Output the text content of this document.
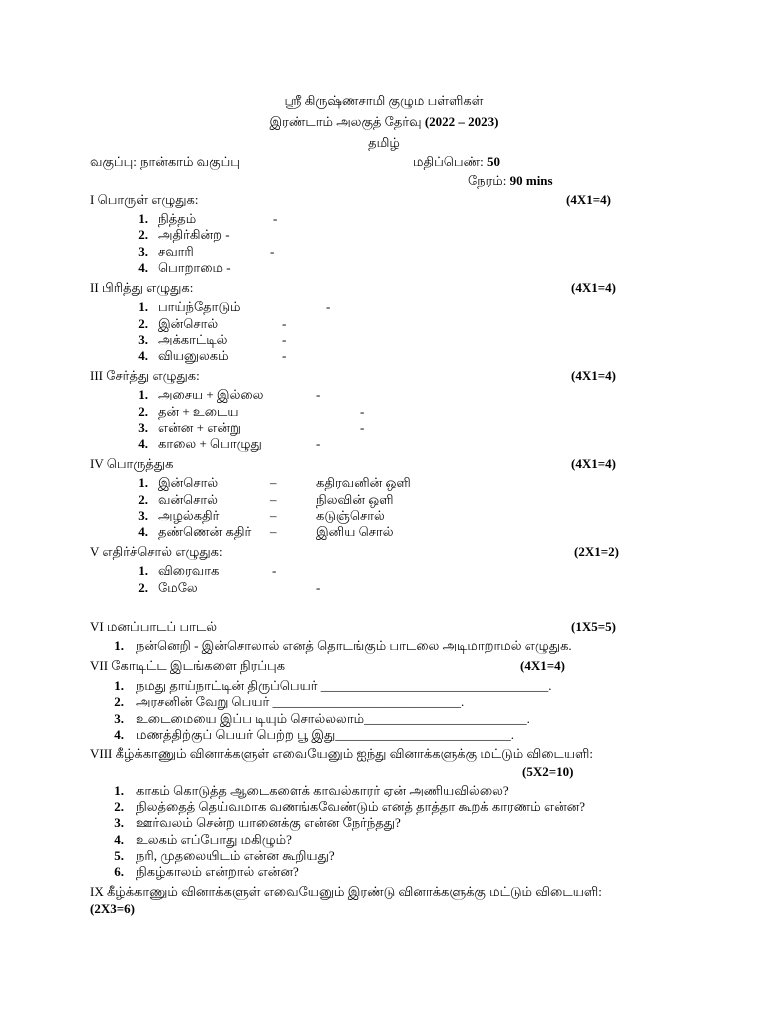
ஸ்ரீ கிருஷ்ணசாமி குழும பள்ளிகள்
இரண்டாம் அலகுத் தேர்வு (2022 – 2023)
தமிழ்
வகுப்பு: நான்காம் வகுப்பு	மதிப்பெண்: 50
நேரம்: 90 mins
I பொருள் எழுதுக:	(4X1=4)
1. நித்தம்	-
2. அதிர்கின்ற -
3. சவாரி	-
4. பொறாமை -
II பிரித்து எழுதுக:	(4X1=4)
1. பாய்ந்தோடும்	-
2. இன்சொல்	-
3. அக்காட்டில்	-
4. வியனுலகம்	-
III சேர்த்து எழுதுக:	(4X1=4)
1. அசைய + இல்லை	-
2. தன் + உடைய	-
3. என்ன + என்று	-
4. காலை + பொழுது	-
IV பொருத்துக	(4X1=4)
1. இன்சொல்	–	கதிரவனின் ஒளி
2. வன்சொல்	–	நிலவின் ஒளி
3. அழல்கதிர்	–	கடுஞ்சொல்
4. தண்ணென் கதிர் –	இனிய சொல்
V எதிர்ச்சொல் எழுதுக:	(2X1=2)
1. விரைவாக	-
2. மேலே	-
VI மனப்பாடப் பாடல்	(1X5=5)
1. நன்னெறி - இன்சொலால் எனத் தொடங்கும் பாடலை அடிமாறாமல் எழுதுக.
VII கோடிட்ட இடங்களை நிரப்புக	(4X1=4)
1. நமது தாய்நாட்டின் திருப்பெயர் ___________________________________.
2. அரசனின் வேறு பெயர் _____________________________.
3. உடைமையை இப்ப டியும் சொல்லலாம்_________________________.
4. மணத்திற்குப் பெயர் பெற்ற பூ இது___________________________.
VIII கீழ்க்காணும் வினாக்களுள் எவையேனும் ஐந்து வினாக்களுக்கு மட்டும் விடையளி:
(5X2=10)
1. காகம் கொடுத்த ஆடைகளைக் காவல்காரர் ஏன் அணியவில்லை?
2. நிலத்தைத் தெய்வமாக வணங்கவேண்டும் எனத் தாத்தா கூறக் காரணம் என்ன?
3. ஊர்வலம் சென்ற யானைக்கு என்ன நேர்ந்தது?
4. உலகம் எப்போது மகிழும்?
5. நரி, முதலையிடம் என்ன கூறியது?
6. நிகழ்காலம் என்றால் என்ன?
IX கீழ்க்காணும் வினாக்களுள் எவையேனும் இரண்டு வினாக்களுக்கு மட்டும் விடையளி:
(2X3=6)
